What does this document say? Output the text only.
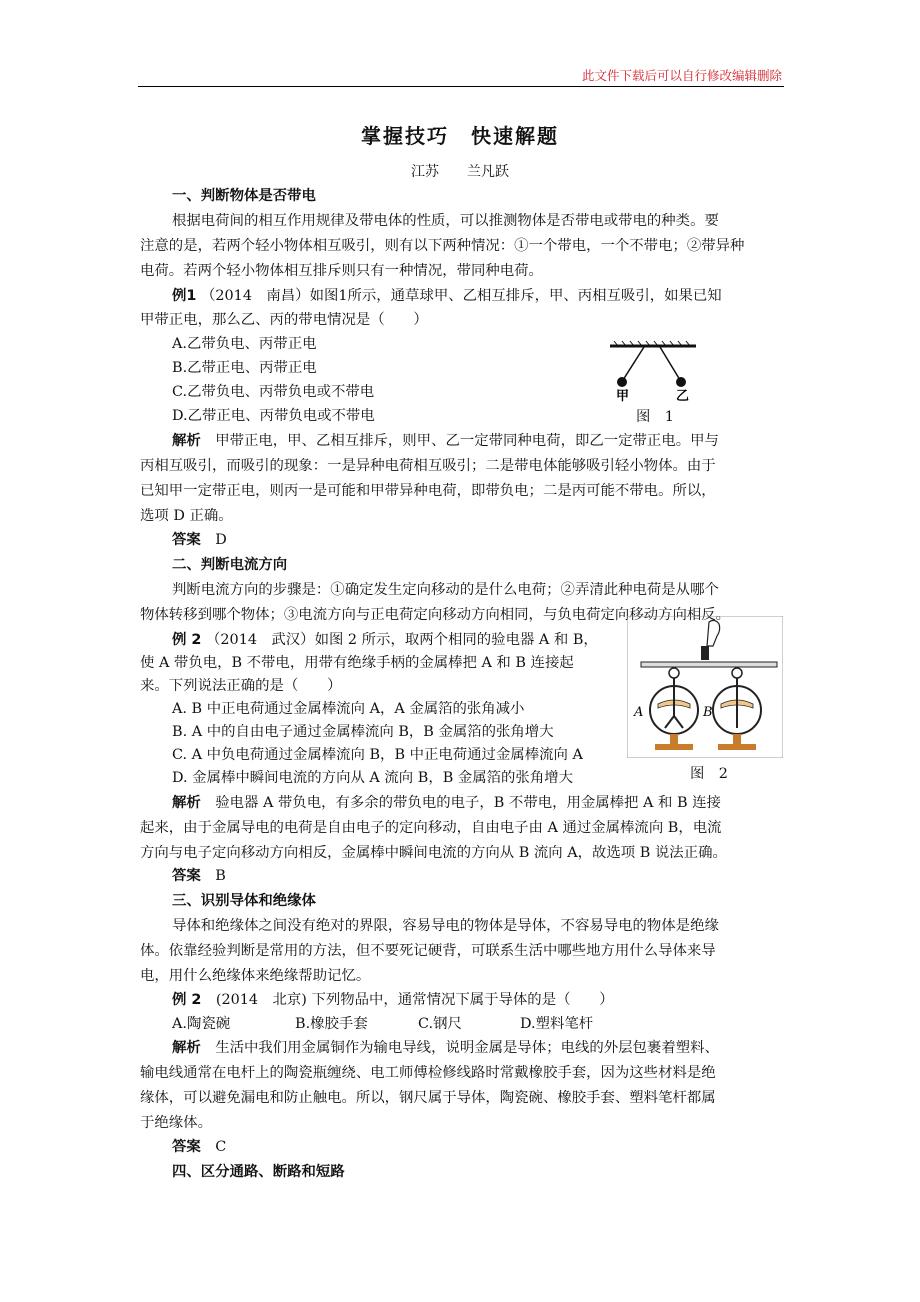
此文件下载后可以自行修改编辑删除
掌握技巧　快速解题
江苏　　兰凡跃
一、判断物体是否带电
根据电荷间的相互作用规律及带电体的性质，可以推测物体是否带电或带电的种类。要
注意的是，若两个轻小物体相互吸引，则有以下两种情况：①一个带电，一个不带电；②带异种
电荷。若两个轻小物体相互排斥则只有一种情况，带同种电荷。
例1 （2014　南昌）如图1所示，通草球甲、乙相互排斥，甲、丙相互吸引，如果已知
甲带正电，那么乙、丙的带电情况是（　　）
A.乙带负电、丙带正电
B.乙带正电、丙带正电
C.乙带负电、丙带负电或不带电
D.乙带正电、丙带负电或不带电
甲	乙
图　1
解析　 甲带正电，甲、乙相互排斥，则甲、乙一定带同种电荷，即乙一定带正电。甲与
丙相互吸引，而吸引的现象：一是异种电荷相互吸引；二是带电体能够吸引轻小物体。由于
已知甲一定带正电，则丙一是可能和甲带异种电荷，即带负电；二是丙可能不带电。所以，
选项 D 正确。
答案　 D
二、判断电流方向
判断电流方向的步骤是：①确定发生定向移动的是什么电荷；②弄清此种电荷是从哪个
物体转移到哪个物体；③电流方向与正电荷定向移动方向相同，与负电荷定向移动方向相反。
例 2 （2014　武汉）如图 2 所示，取两个相同的验电器 A 和 B，
使 A 带负电，B 不带电，用带有绝缘手柄的金属棒把 A 和 B 连接起
来。下列说法正确的是（　　）
A. B 中正电荷通过金属棒流向 A，A 金属箔的张角减小
B. A 中的自由电子通过金属棒流向 B，B 金属箔的张角增大
C. A 中负电荷通过金属棒流向 B，B 中正电荷通过金属棒流向 A
D. 金属棒中瞬间电流的方向从 A 流向 B，B 金属箔的张角增大
A	B
图　2
解析　 验电器 A 带负电，有多余的带负电的电子，B 不带电，用金属棒把 A 和 B 连接
起来，由于金属导电的电荷是自由电子的定向移动，自由电子由 A 通过金属棒流向 B，电流
方向与电子定向移动方向相反，金属棒中瞬间电流的方向从 B 流向 A，故选项 B 说法正确。
答案　 B
三、识别导体和绝缘体
导体和绝缘体之间没有绝对的界限，容易导电的物体是导体，不容易导电的物体是绝缘
体。依靠经验判断是常用的方法，但不要死记硬背，可联系生活中哪些地方用什么导体来导
电，用什么绝缘体来绝缘帮助记忆。
例 2　 (2014　北京) 下列物品中，通常情况下属于导体的是（　　）
A.陶瓷碗	B.橡胶手套	C.钢尺	D.塑料笔杆
解析　 生活中我们用金属铜作为输电导线，说明金属是导体；电线的外层包裹着塑料、
输电线通常在电杆上的陶瓷瓶缠绕、电工师傅检修线路时常戴橡胶手套，因为这些材料是绝
缘体，可以避免漏电和防止触电。所以，钢尺属于导体，陶瓷碗、橡胶手套、塑料笔杆都属
于绝缘体。
答案　 C
四、区分通路、断路和短路
